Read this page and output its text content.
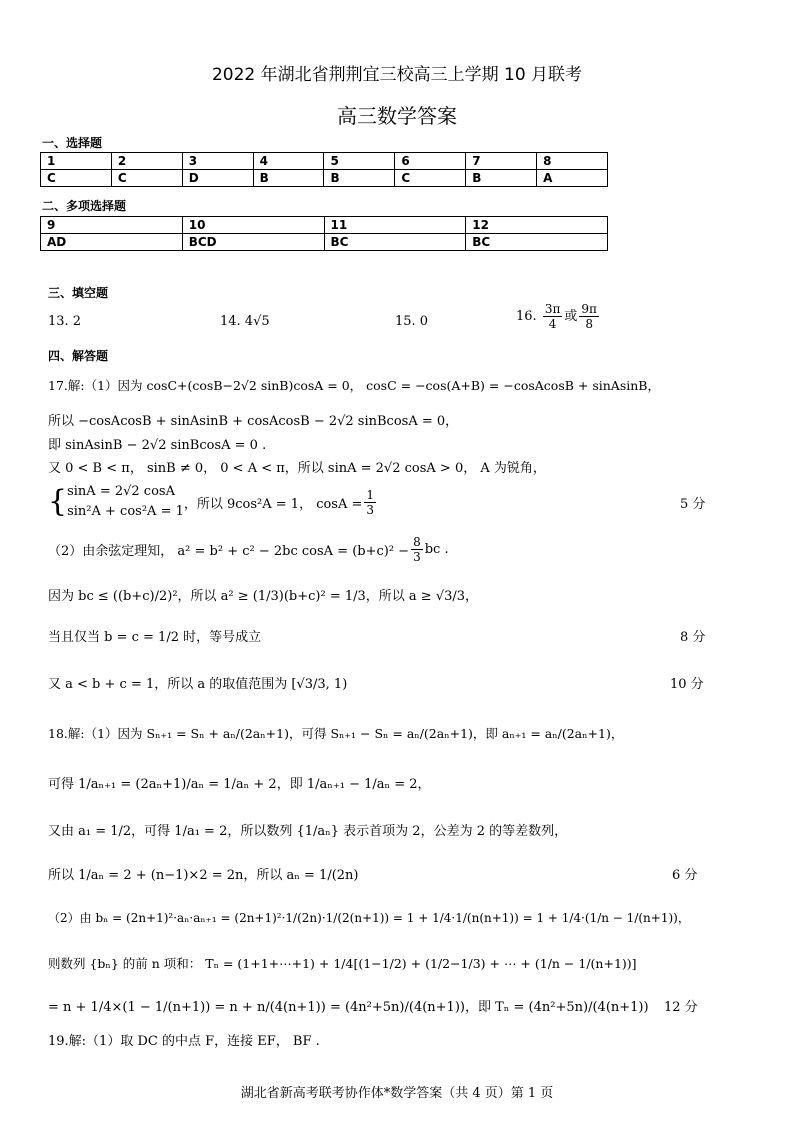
2022 年湖北省荆荆宜三校高三上学期 10 月联考
高三数学答案
一、选择题
1	2	3	4	5	6	7	8
C	C	D	B	B	C	B	A
二、多项选择题
9	10	11	12
AD	BCD	BC	BC
三、填空题
13. 2	14. 4√5	15. 0	16. $\frac{3\pi}{4}$ 或 $\frac{9\pi}{8}$
四、解答题
17.解:（1）因为 cosC+(cosB−2√2 sinB)cosA = 0， cosC = −cos(A+B) = −cosAcosB + sinAsinB，
所以 −cosAcosB + sinAsinB + cosAcosB − 2√2 sinBcosA = 0，
即 sinAsinB − 2√2 sinBcosA = 0 .
又 0 < B < π， sinB ≠ 0， 0 < A < π，所以 sinA = 2√2 cosA > 0， A 为锐角，
{ sinA = 2√2 cosA
sin²A + cos²A = 1 ，所以 9cos²A = 1， $\cos A = \frac{1}{3}$	5 分
（2）由余弦定理知， a² = b² + c² − 2bc $\cos A = (b+c)^2 - \frac{8}{3}$ bc .
因为 bc ≤ ((b+c)/2)²，所以 a² ≥ (1/3)(b+c)² = 1/3，所以 a ≥ √3/3，
当且仅当 b = c = 1/2 时，等号成立	8 分
又 a < b + c = 1，所以 a 的取值范围为 [√3/3, 1)	10 分
18.解:（1）因为 Sₙ₊₁ = Sₙ + aₙ/(2aₙ+1)，可得 Sₙ₊₁ − Sₙ = aₙ/(2aₙ+1)，即 aₙ₊₁ = aₙ/(2aₙ+1)，
可得 1/aₙ₊₁ = (2aₙ+1)/aₙ = 1/aₙ + 2，即 1/aₙ₊₁ − 1/aₙ = 2，
又由 a₁ = 1/2，可得 1/a₁ = 2，所以数列 {1/aₙ} 表示首项为 2，公差为 2 的等差数列，
所以 1/aₙ = 2 + (n−1)×2 = 2n，所以 aₙ = 1/(2n)	6 分
（2）由 bₙ = (2n+1)²·aₙ·aₙ₊₁ = (2n+1)²·1/(2n)·1/(2(n+1)) = 1 + 1/4·1/(n(n+1)) = 1 + 1/4·(1/n − 1/(n+1))，
则数列 {bₙ} 的前 n 项和： Tₙ = (1+1+⋯+1) + 1/4[(1−1/2) + (1/2−1/3) + ⋯ + (1/n − 1/(n+1))]
= n + 1/4×(1 − 1/(n+1)) = n + n/(4(n+1)) = (4n²+5n)/(4(n+1))，即 Tₙ = (4n²+5n)/(4(n+1)) 12 分
19.解:（1）取 DC 的中点 F，连接 EF， BF .
湖北省新高考联考协作体*数学答案（共 4 页）第 1 页
